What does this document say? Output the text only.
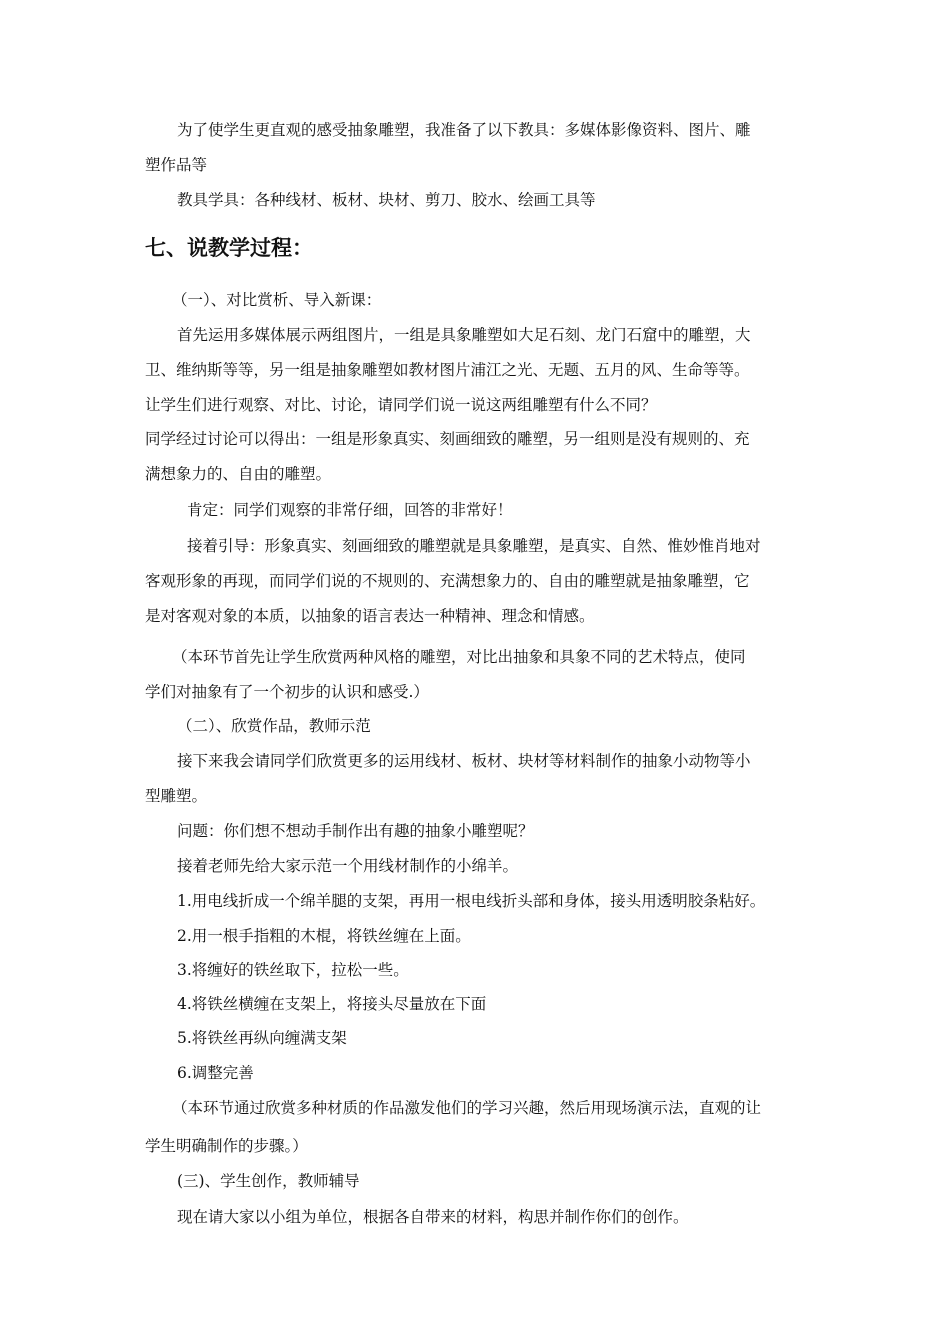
为了使学生更直观的感受抽象雕塑，我准备了以下教具：多媒体影像资料、图片、雕
塑作品等
教具学具：各种线材、板材、块材、剪刀、胶水、绘画工具等
七、说教学过程：
（一）、对比赏析、导入新课：
首先运用多媒体展示两组图片，一组是具象雕塑如大足石刻、龙门石窟中的雕塑，大
卫、维纳斯等等，另一组是抽象雕塑如教材图片浦江之光、无题、五月的风、生命等等。
让学生们进行观察、对比、讨论，请同学们说一说这两组雕塑有什么不同？
同学经过讨论可以得出：一组是形象真实、刻画细致的雕塑，另一组则是没有规则的、充
满想象力的、自由的雕塑。
肯定：同学们观察的非常仔细，回答的非常好！
接着引导：形象真实、刻画细致的雕塑就是具象雕塑，是真实、自然、惟妙惟肖地对
客观形象的再现，而同学们说的不规则的、充满想象力的、自由的雕塑就是抽象雕塑，它
是对客观对象的本质，以抽象的语言表达一种精神、理念和情感。
（本环节首先让学生欣赏两种风格的雕塑，对比出抽象和具象不同的艺术特点，使同
学们对抽象有了一个初步的认识和感受.）
（二）、欣赏作品，教师示范
接下来我会请同学们欣赏更多的运用线材、板材、块材等材料制作的抽象小动物等小
型雕塑。
问题：你们想不想动手制作出有趣的抽象小雕塑呢？
接着老师先给大家示范一个用线材制作的小绵羊。
1.用电线折成一个绵羊腿的支架，再用一根电线折头部和身体，接头用透明胶条粘好。
2.用一根手指粗的木棍，将铁丝缠在上面。
3.将缠好的铁丝取下，拉松一些。
4.将铁丝横缠在支架上，将接头尽量放在下面
5.将铁丝再纵向缠满支架
6.调整完善
（本环节通过欣赏多种材质的作品激发他们的学习兴趣，然后用现场演示法，直观的让
学生明确制作的步骤。）
(三)、学生创作，教师辅导
现在请大家以小组为单位，根据各自带来的材料，构思并制作你们的创作。
